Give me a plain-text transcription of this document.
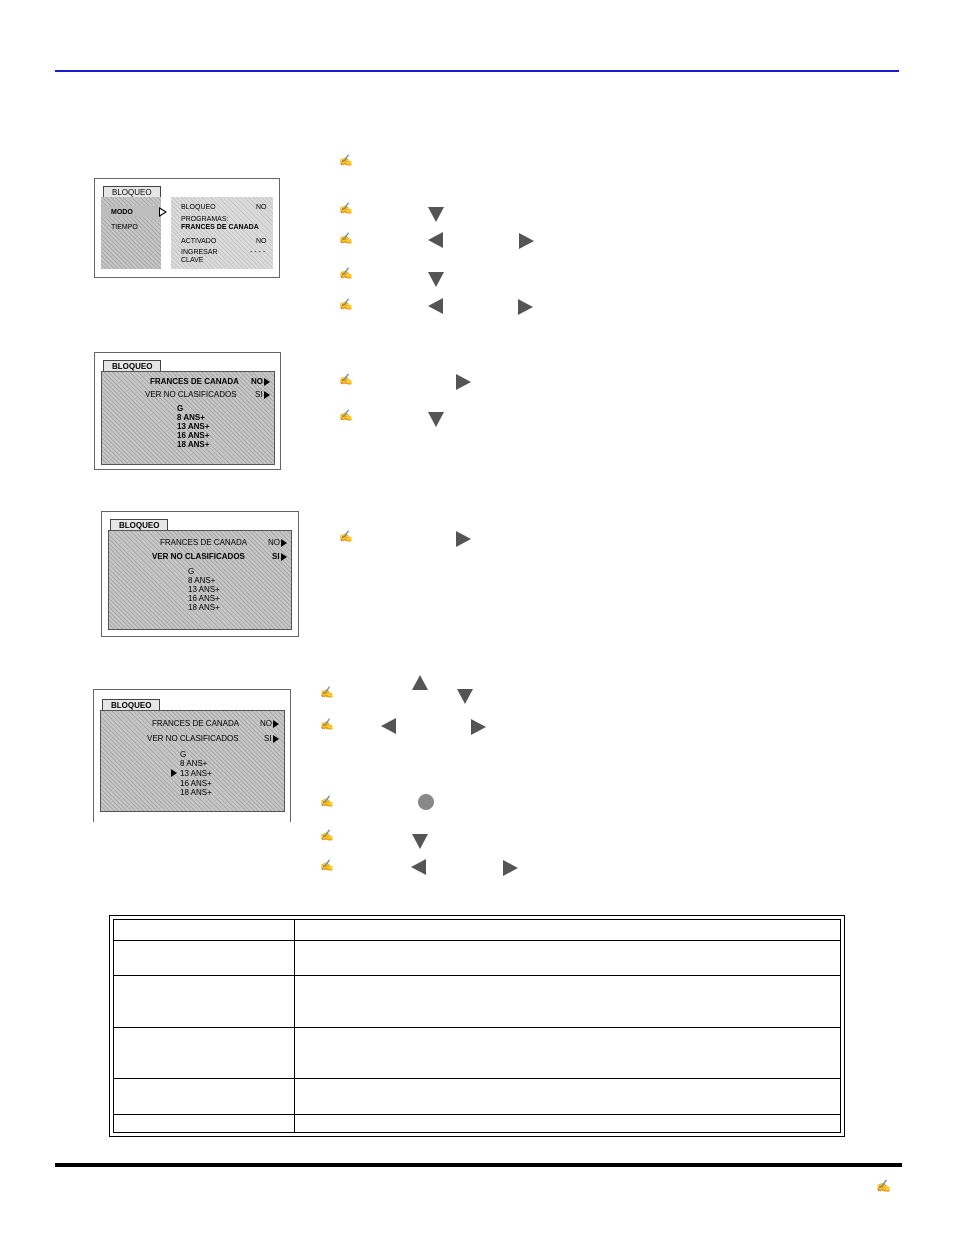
BLOQUEO
MODO
TIEMPO
BLOQUEO	NO
PROGRAMAS:
FRANCES DE CANADA
ACTIVADO	NO
INGRESAR	- - - -
CLAVE
BLOQUEO
FRANCES DE CANADA NO
VER NO CLASIFICADOS SI
G
8 ANS+
13 ANS+
16 ANS+
18 ANS+
BLOQUEO
FRANCES DE CANADA	NO
VER NO CLASIFICADOS	SI
G
8 ANS+
13 ANS+
16 ANS+
18 ANS+
BLOQUEO
FRANCES DE CANADA	NO
VER NO CLASIFICADOS	SI
G
8 ANS+
13 ANS+
16 ANS+
18 ANS+
✍
✍
✍
✍
✍
✍
✍
✍
✍
✍
✍
✍
✍
✍
